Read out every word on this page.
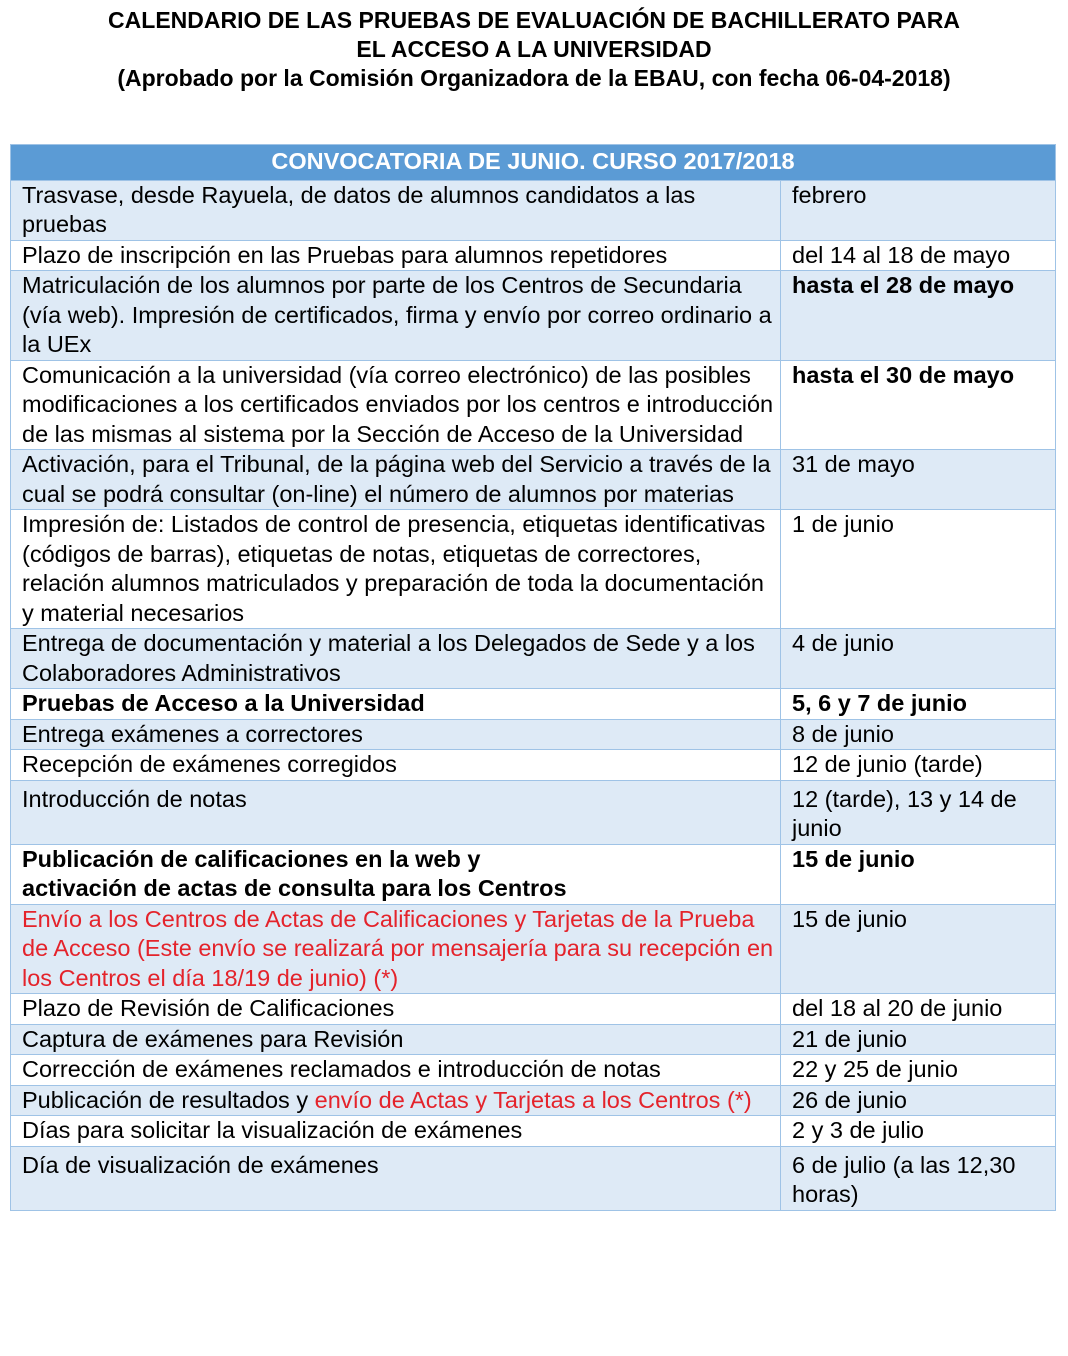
CALENDARIO DE LAS PRUEBAS DE EVALUACIÓN DE BACHILLERATO PARA
EL ACCESO A LA UNIVERSIDAD
(Aprobado por la Comisión Organizadora de la EBAU, con fecha 06-04-2018)
CONVOCATORIA DE JUNIO. CURSO 2017/2018	
Trasvase, desde Rayuela, de datos de alumnos candidatos a las pruebas	febrero
Plazo de inscripción en las Pruebas para alumnos repetidores	del 14 al 18 de mayo
Matriculación de los alumnos por parte de los Centros de Secundaria (vía web). Impresión de certificados, firma y envío por correo ordinario a la UEx	hasta el 28 de mayo
Comunicación a la universidad (vía correo electrónico) de las posibles modificaciones a los certificados enviados por los centros e introducción de las mismas al sistema por la Sección de Acceso de la Universidad	hasta el 30 de mayo
Activación, para el Tribunal, de la página web del Servicio a través de la cual se podrá consultar (on-line) el número de alumnos por materias	31 de mayo
Impresión de: Listados de control de presencia, etiquetas identificativas (códigos de barras), etiquetas de notas, etiquetas de correctores, relación alumnos matriculados y preparación de toda la documentación y material necesarios	1 de junio
Entrega de documentación y material a los Delegados de Sede y a los Colaboradores Administrativos	4 de junio
Pruebas de Acceso a la Universidad	5, 6 y 7 de junio
Entrega exámenes a correctores	8 de junio
Recepción de exámenes corregidos	12 de junio (tarde)
Introducción de notas	12 (tarde), 13 y 14 de junio

Publicación de calificaciones en la web y
activación de actas de consulta para los Centros	15 de junio
Envío a los Centros de Actas de Calificaciones y Tarjetas de la Prueba de Acceso (Este envío se realizará por mensajería para su recepción en los Centros el día 18/19 de junio) (*)	15 de junio
Plazo de Revisión de Calificaciones	del 18 al 20 de junio
Captura de exámenes para Revisión	21 de junio
Corrección de exámenes reclamados e introducción de notas	22 y 25 de junio
Publicación de resultados y envío de Actas y Tarjetas a los Centros (*)	26 de junio
Días para solicitar la visualización de exámenes	2 y 3 de julio
Día de visualización de exámenes	6 de julio (a las 12,30 horas)
